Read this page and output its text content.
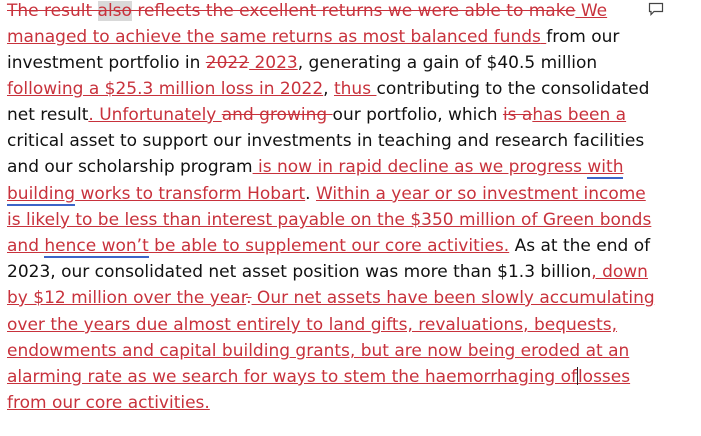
The result also reflects the excellent returns we were able to make We
managed to achieve the same returns as most balanced funds from our
investment portfolio in 2022 2023, generating a gain of $40.5 million
following a $25.3 million loss in 2022, thus contributing to the consolidated
net result. Unfortunately and growing our portfolio, which is ahas been a
critical asset to support our investments in teaching and research facilities
and our scholarship program is now in rapid decline as we progress with
building works to transform Hobart. Within a year or so investment income
is likely to be less than interest payable on the $350 million of Green bonds
and hence won’t be able to supplement our core activities. As at the end of
2023, our consolidated net asset position was more than $1.3 billion, down
by $12 million over the year. Our net assets have been slowly accumulating
over the years due almost entirely to land gifts, revaluations, bequests,
endowments and capital building grants, but are now being eroded at an
alarming rate as we search for ways to stem the haemorrhaging oflosses
from our core activities.
